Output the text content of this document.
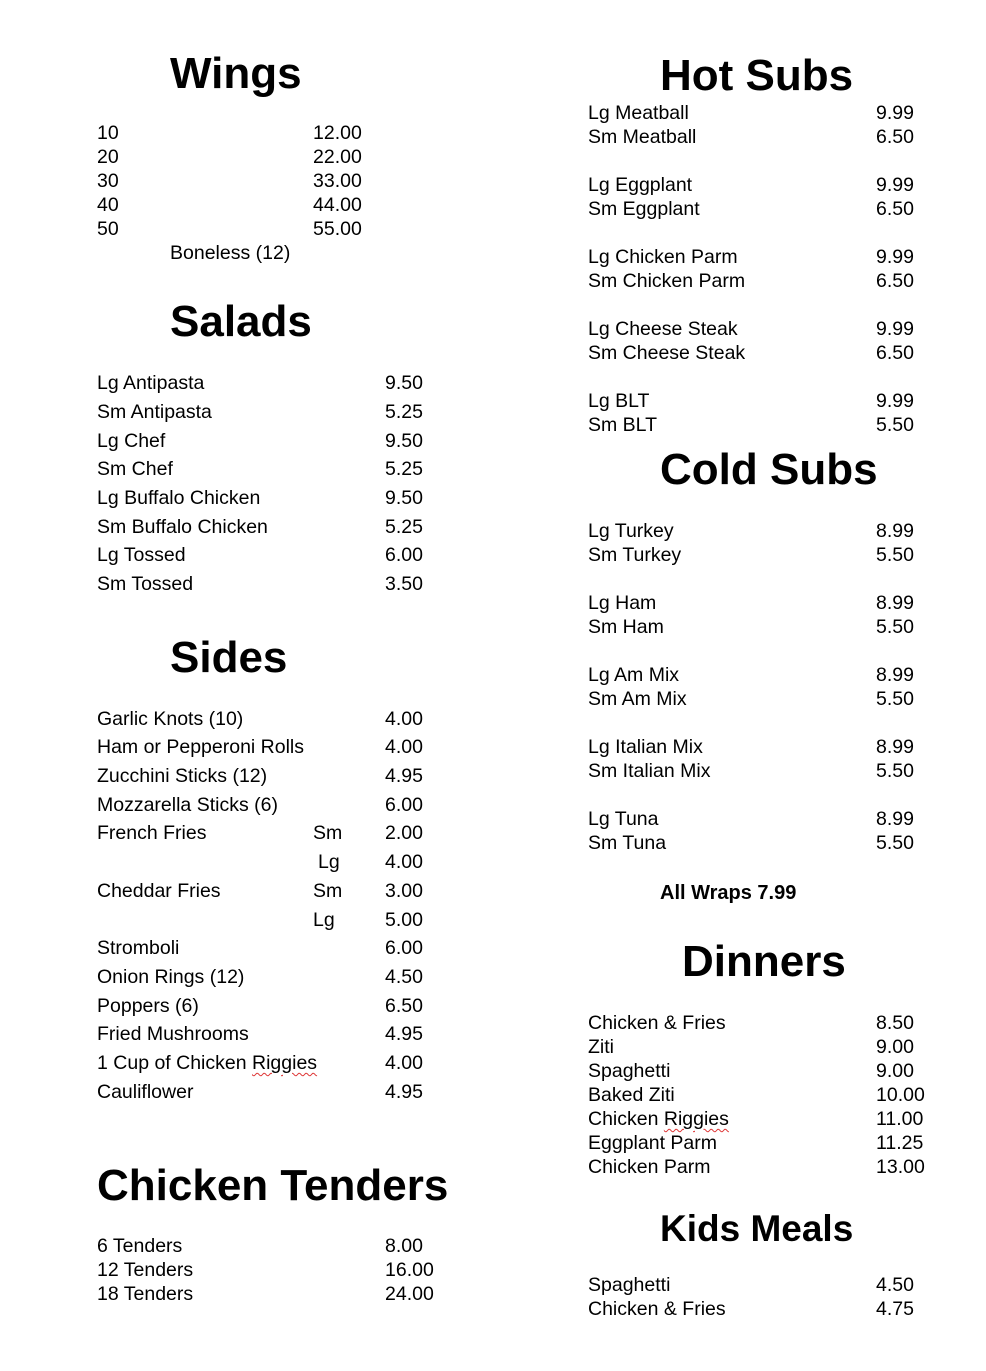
Wings
10	12.00
20	22.00
30	33.00
40	44.00
50	55.00
Boneless (12)
Salads
Lg Antipasta	9.50
Sm Antipasta	5.25
Lg Chef	9.50
Sm Chef	5.25
Lg Buffalo Chicken	9.50
Sm Buffalo Chicken	5.25
Lg Tossed	6.00
Sm Tossed	3.50
Sides
Garlic Knots (10)	4.00
Ham or Pepperoni Rolls	4.00
Zucchini Sticks (12)	4.95
Mozzarella Sticks (6)	6.00
French Fries	Sm 2.00
Lg 4.00
Cheddar Fries	Sm 3.00
Lg	5.00
Stromboli	6.00
Onion Rings (12)	4.50
Poppers (6)	6.50
Fried Mushrooms	4.95
1 Cup of Chicken Riggies	4.00
Cauliflower	4.95
Chicken Tenders
6 Tenders	8.00
12 Tenders	16.00
18 Tenders	24.00
Hot Subs
Lg Meatball	9.99
Sm Meatball	6.50
Lg Eggplant	9.99
Sm Eggplant	6.50
Lg Chicken Parm	9.99
Sm Chicken Parm	6.50
Lg Cheese Steak	9.99
Sm Cheese Steak	6.50
Lg BLT	9.99
Sm BLT	5.50
Cold Subs
Lg Turkey	8.99
Sm Turkey	5.50
Lg Ham	8.99
Sm Ham	5.50
Lg Am Mix	8.99
Sm Am Mix	5.50
Lg Italian Mix	8.99
Sm Italian Mix	5.50
Lg Tuna	8.99
Sm Tuna	5.50
All Wraps 7.99
Dinners
Chicken & Fries	8.50
Ziti	9.00
Spaghetti	9.00
Baked Ziti	10.00
Chicken Riggies	11.00
Eggplant Parm	11.25
Chicken Parm	13.00
Kids Meals
Spaghetti	4.50
Chicken & Fries	4.75
